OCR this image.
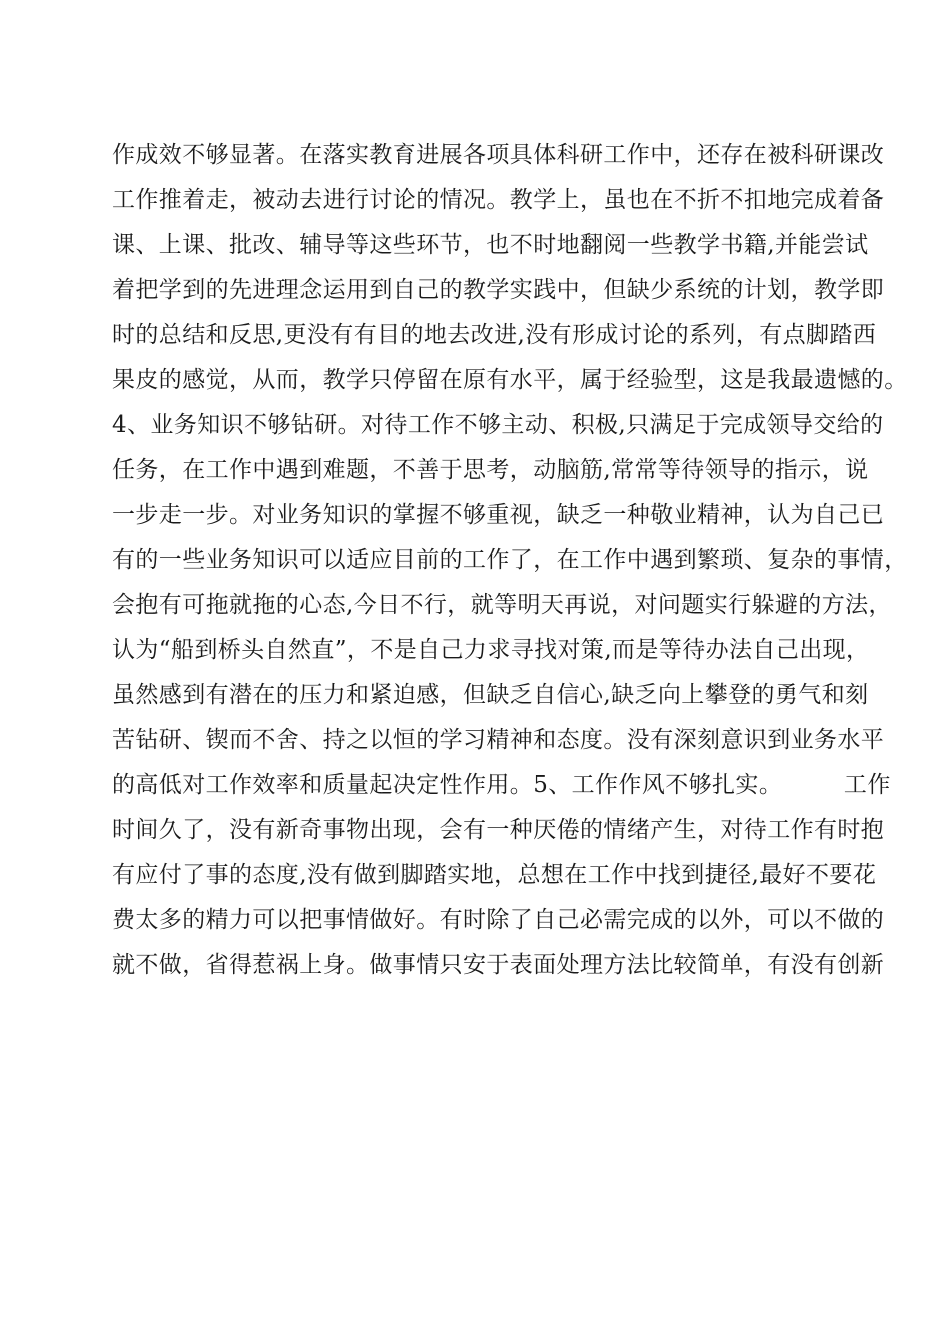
作成效不够显著。在落实教育进展各项具体科研工作中，还存在被科研课改
工作推着走，被动去进行讨论的情况。教学上，虽也在不折不扣地完成着备
课、上课、批改、辅导等这些环节，也不时地翻阅一些教学书籍,并能尝试
着把学到的先进理念运用到自己的教学实践中，但缺少系统的计划，教学即
时的总结和反思,更没有有目的地去改进,没有形成讨论的系列，有点脚踏西
果皮的感觉，从而，教学只停留在原有水平，属于经验型，这是我最遗憾的。
4、业务知识不够钻研。对待工作不够主动、积极,只满足于完成领导交给的
任务，在工作中遇到难题，不善于思考，动脑筋,常常等待领导的指示，说
一步走一步。对业务知识的掌握不够重视，缺乏一种敬业精神，认为自己已
有的一些业务知识可以适应目前的工作了，在工作中遇到繁琐、复杂的事情，
会抱有可拖就拖的心态,今日不行，就等明天再说，对问题实行躲避的方法，
认为“船到桥头自然直”，不是自己力求寻找对策,而是等待办法自己出现，
虽然感到有潜在的压力和紧迫感，但缺乏自信心,缺乏向上攀登的勇气和刻
苦钻研、锲而不舍、持之以恒的学习精神和态度。没有深刻意识到业务水平
的高低对工作效率和质量起决定性作用。5、工作作风不够扎实。        工作
时间久了，没有新奇事物出现，会有一种厌倦的情绪产生，对待工作有时抱
有应付了事的态度,没有做到脚踏实地，总想在工作中找到捷径,最好不要花
费太多的精力可以把事情做好。有时除了自己必需完成的以外，可以不做的
就不做，省得惹祸上身。做事情只安于表面处理方法比较简单，有没有创新
